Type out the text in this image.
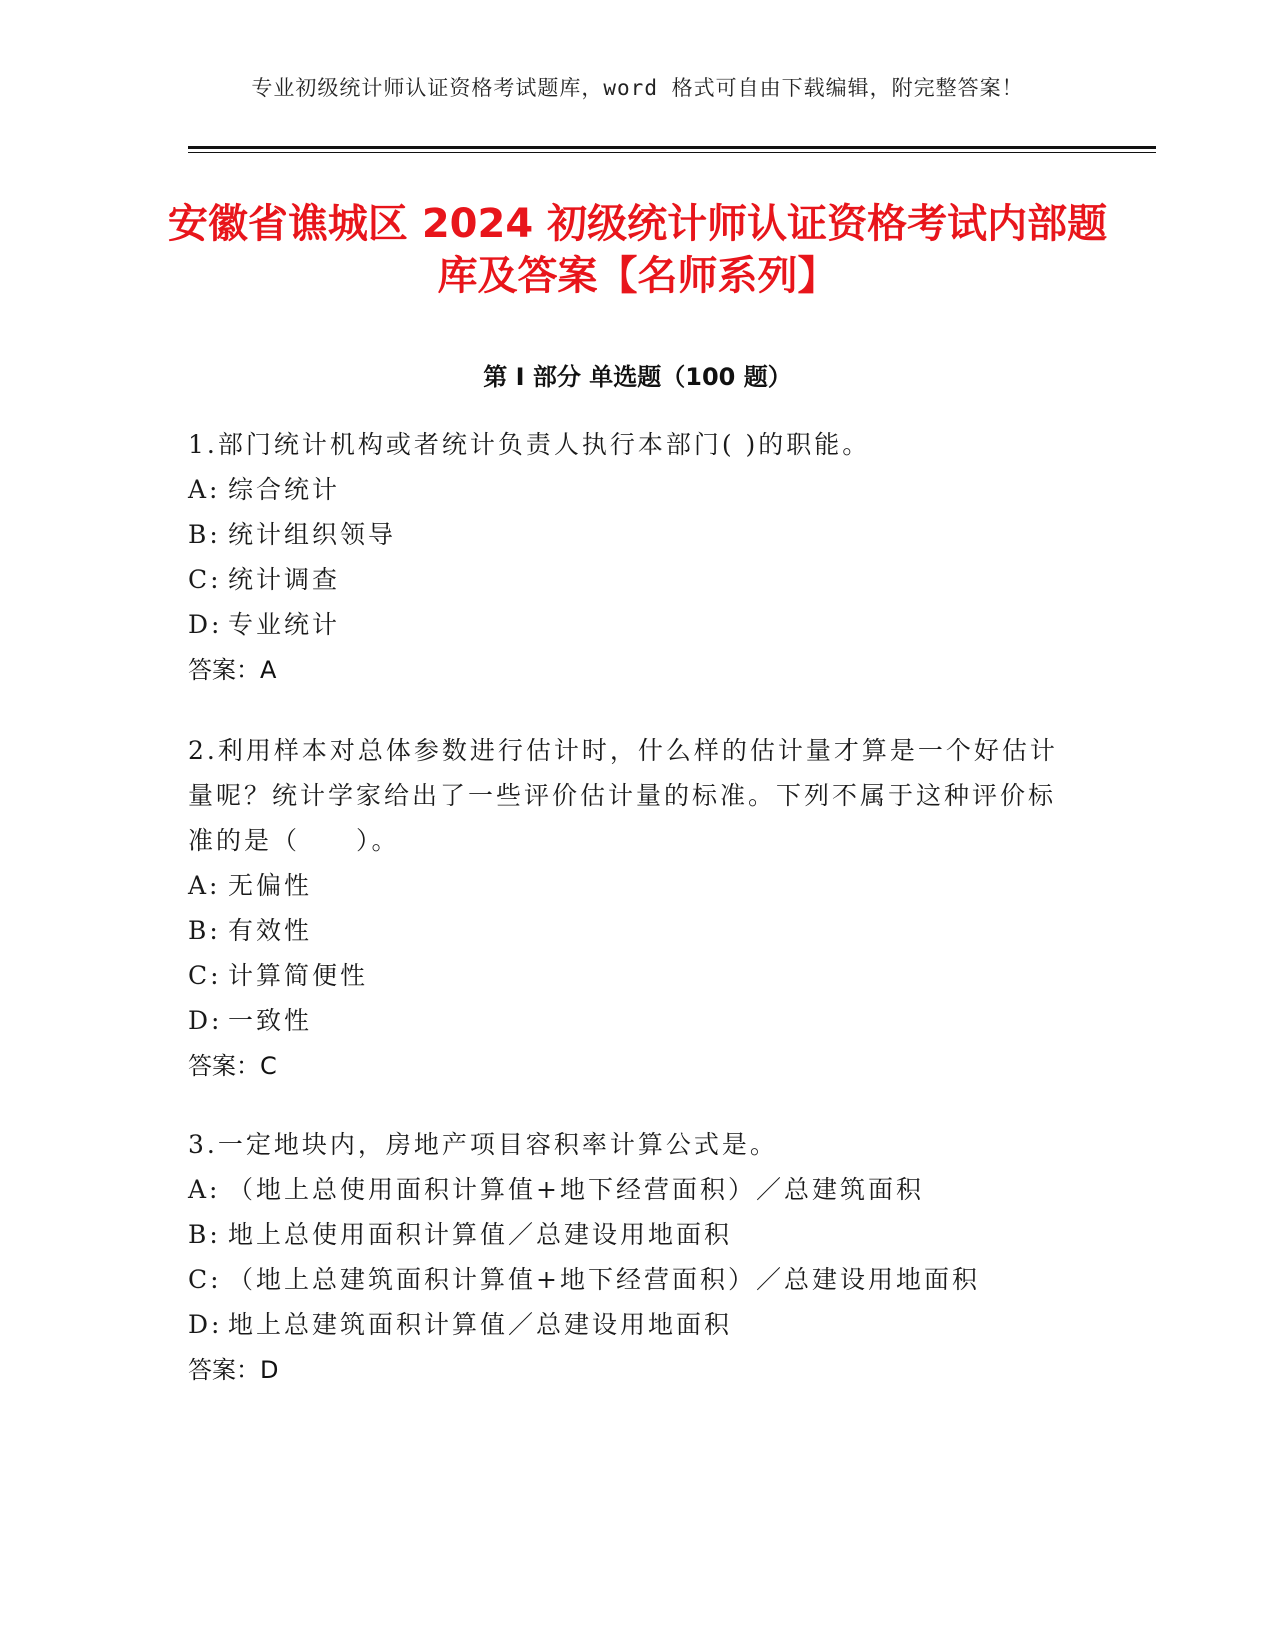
专业初级统计师认证资格考试题库，word 格式可自由下载编辑，附完整答案！
安徽省谯城区 2024 初级统计师认证资格考试内部题库及答案【名师系列】
第 I 部分 单选题（100 题）

1.部门统计机构或者统计负责人执行本部门( )的职能。

A: 综合统计
B: 统计组织领导
C: 统计调查
D: 专业统计

答案：A

2.利用样本对总体参数进行估计时，什么样的估计量才算是一个好估计量呢？统计学家给出了一些评价估计量的标准。下列不属于这种评价标准的是（　　）。

A: 无偏性
B: 有效性
C: 计算简便性
D: 一致性

答案：C

3.一定地块内，房地产项目容积率计算公式是。

A: （地上总使用面积计算值+地下经营面积）／总建筑面积
B: 地上总使用面积计算值／总建设用地面积
C: （地上总建筑面积计算值+地下经营面积）／总建设用地面积
D: 地上总建筑面积计算值／总建设用地面积

答案：D
